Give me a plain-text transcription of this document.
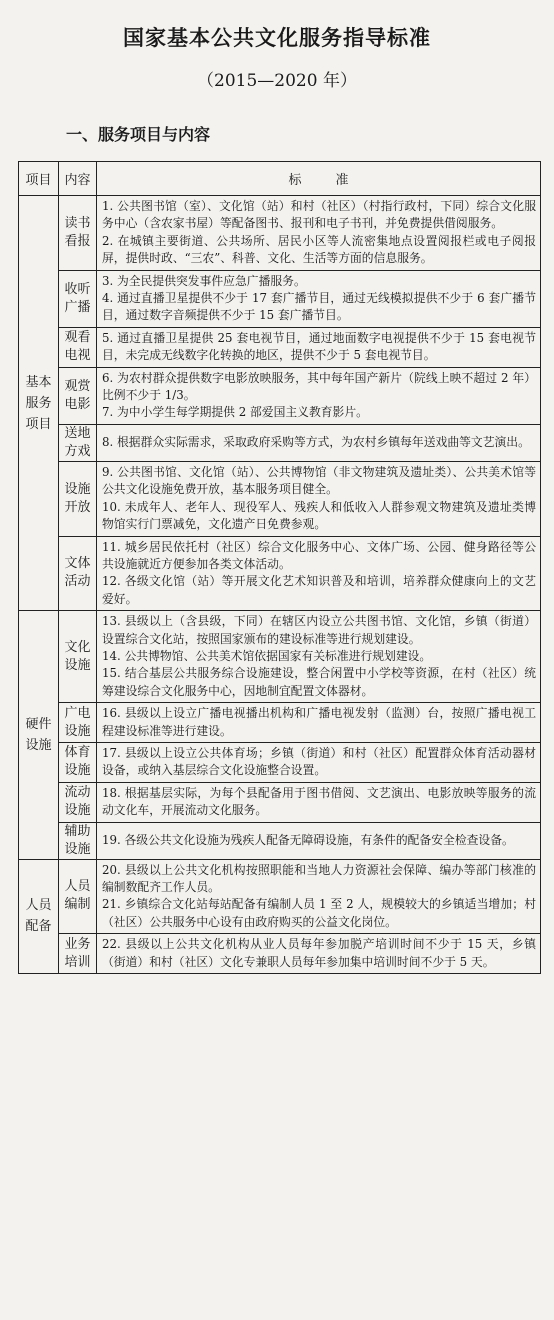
国家基本公共文化服务指导标准
（2015—2020 年）
一、服务项目与内容
项目	内容	标准
基本服务项目	读书看报	1. 公共图书馆（室）、文化馆（站）和村（社区）（村指行政村，下同）综合文化服务中心（含农家书屋）等配备图书、报刊和电子书刊，并免费提供借阅服务。

2. 在城镇主要街道、公共场所、居民小区等人流密集地点设置阅报栏或电子阅报屏，提供时政、“三农”、科普、文化、生活等方面的信息服务。

	收听广播	3. 为全民提供突发事件应急广播服务。

4. 通过直播卫星提供不少于 17 套广播节目，通过无线模拟提供不少于 6 套广播节目，通过数字音频提供不少于 15 套广播节目。

	观看电视	5. 通过直播卫星提供 25 套电视节目，通过地面数字电视提供不少于 15 套电视节目，未完成无线数字化转换的地区，提供不少于 5 套电视节目。

	观赏电影	6. 为农村群众提供数字电影放映服务，其中每年国产新片（院线上映不超过 2 年）比例不少于 1/3。

7. 为中小学生每学期提供 2 部爱国主义教育影片。

	送地方戏	8. 根据群众实际需求，采取政府采购等方式，为农村乡镇每年送戏曲等文艺演出。

	设施开放	9. 公共图书馆、文化馆（站）、公共博物馆（非文物建筑及遗址类）、公共美术馆等公共文化设施免费开放，基本服务项目健全。

10. 未成年人、老年人、现役军人、残疾人和低收入人群参观文物建筑及遗址类博物馆实行门票减免，文化遗产日免费参观。

	文体活动	11. 城乡居民依托村（社区）综合文化服务中心、文体广场、公园、健身路径等公共设施就近方便参加各类文体活动。

12. 各级文化馆（站）等开展文化艺术知识普及和培训，培养群众健康向上的文艺爱好。

硬件设施	文化设施	13. 县级以上（含县级，下同）在辖区内设立公共图书馆、文化馆，乡镇（街道）设置综合文化站，按照国家颁布的建设标准等进行规划建设。

14. 公共博物馆、公共美术馆依据国家有关标准进行规划建设。

15. 结合基层公共服务综合设施建设，整合闲置中小学校等资源，在村（社区）统筹建设综合文化服务中心，因地制宜配置文体器材。

	广电设施	16. 县级以上设立广播电视播出机构和广播电视发射（监测）台，按照广播电视工程建设标准等进行建设。

	体育设施	17. 县级以上设立公共体育场；乡镇（街道）和村（社区）配置群众体育活动器材设备，或纳入基层综合文化设施整合设置。

	流动设施	18. 根据基层实际，为每个县配备用于图书借阅、文艺演出、电影放映等服务的流动文化车，开展流动文化服务。

	辅助设施	19. 各级公共文化设施为残疾人配备无障碍设施，有条件的配备安全检查设备。

人员配备	人员编制	20. 县级以上公共文化机构按照职能和当地人力资源社会保障、编办等部门核准的编制数配齐工作人员。

21. 乡镇综合文化站每站配备有编制人员 1 至 2 人，规模较大的乡镇适当增加；村（社区）公共服务中心设有由政府购买的公益文化岗位。

	业务培训	22. 县级以上公共文化机构从业人员每年参加脱产培训时间不少于 15 天，乡镇（街道）和村（社区）文化专兼职人员每年参加集中培训时间不少于 5 天。
